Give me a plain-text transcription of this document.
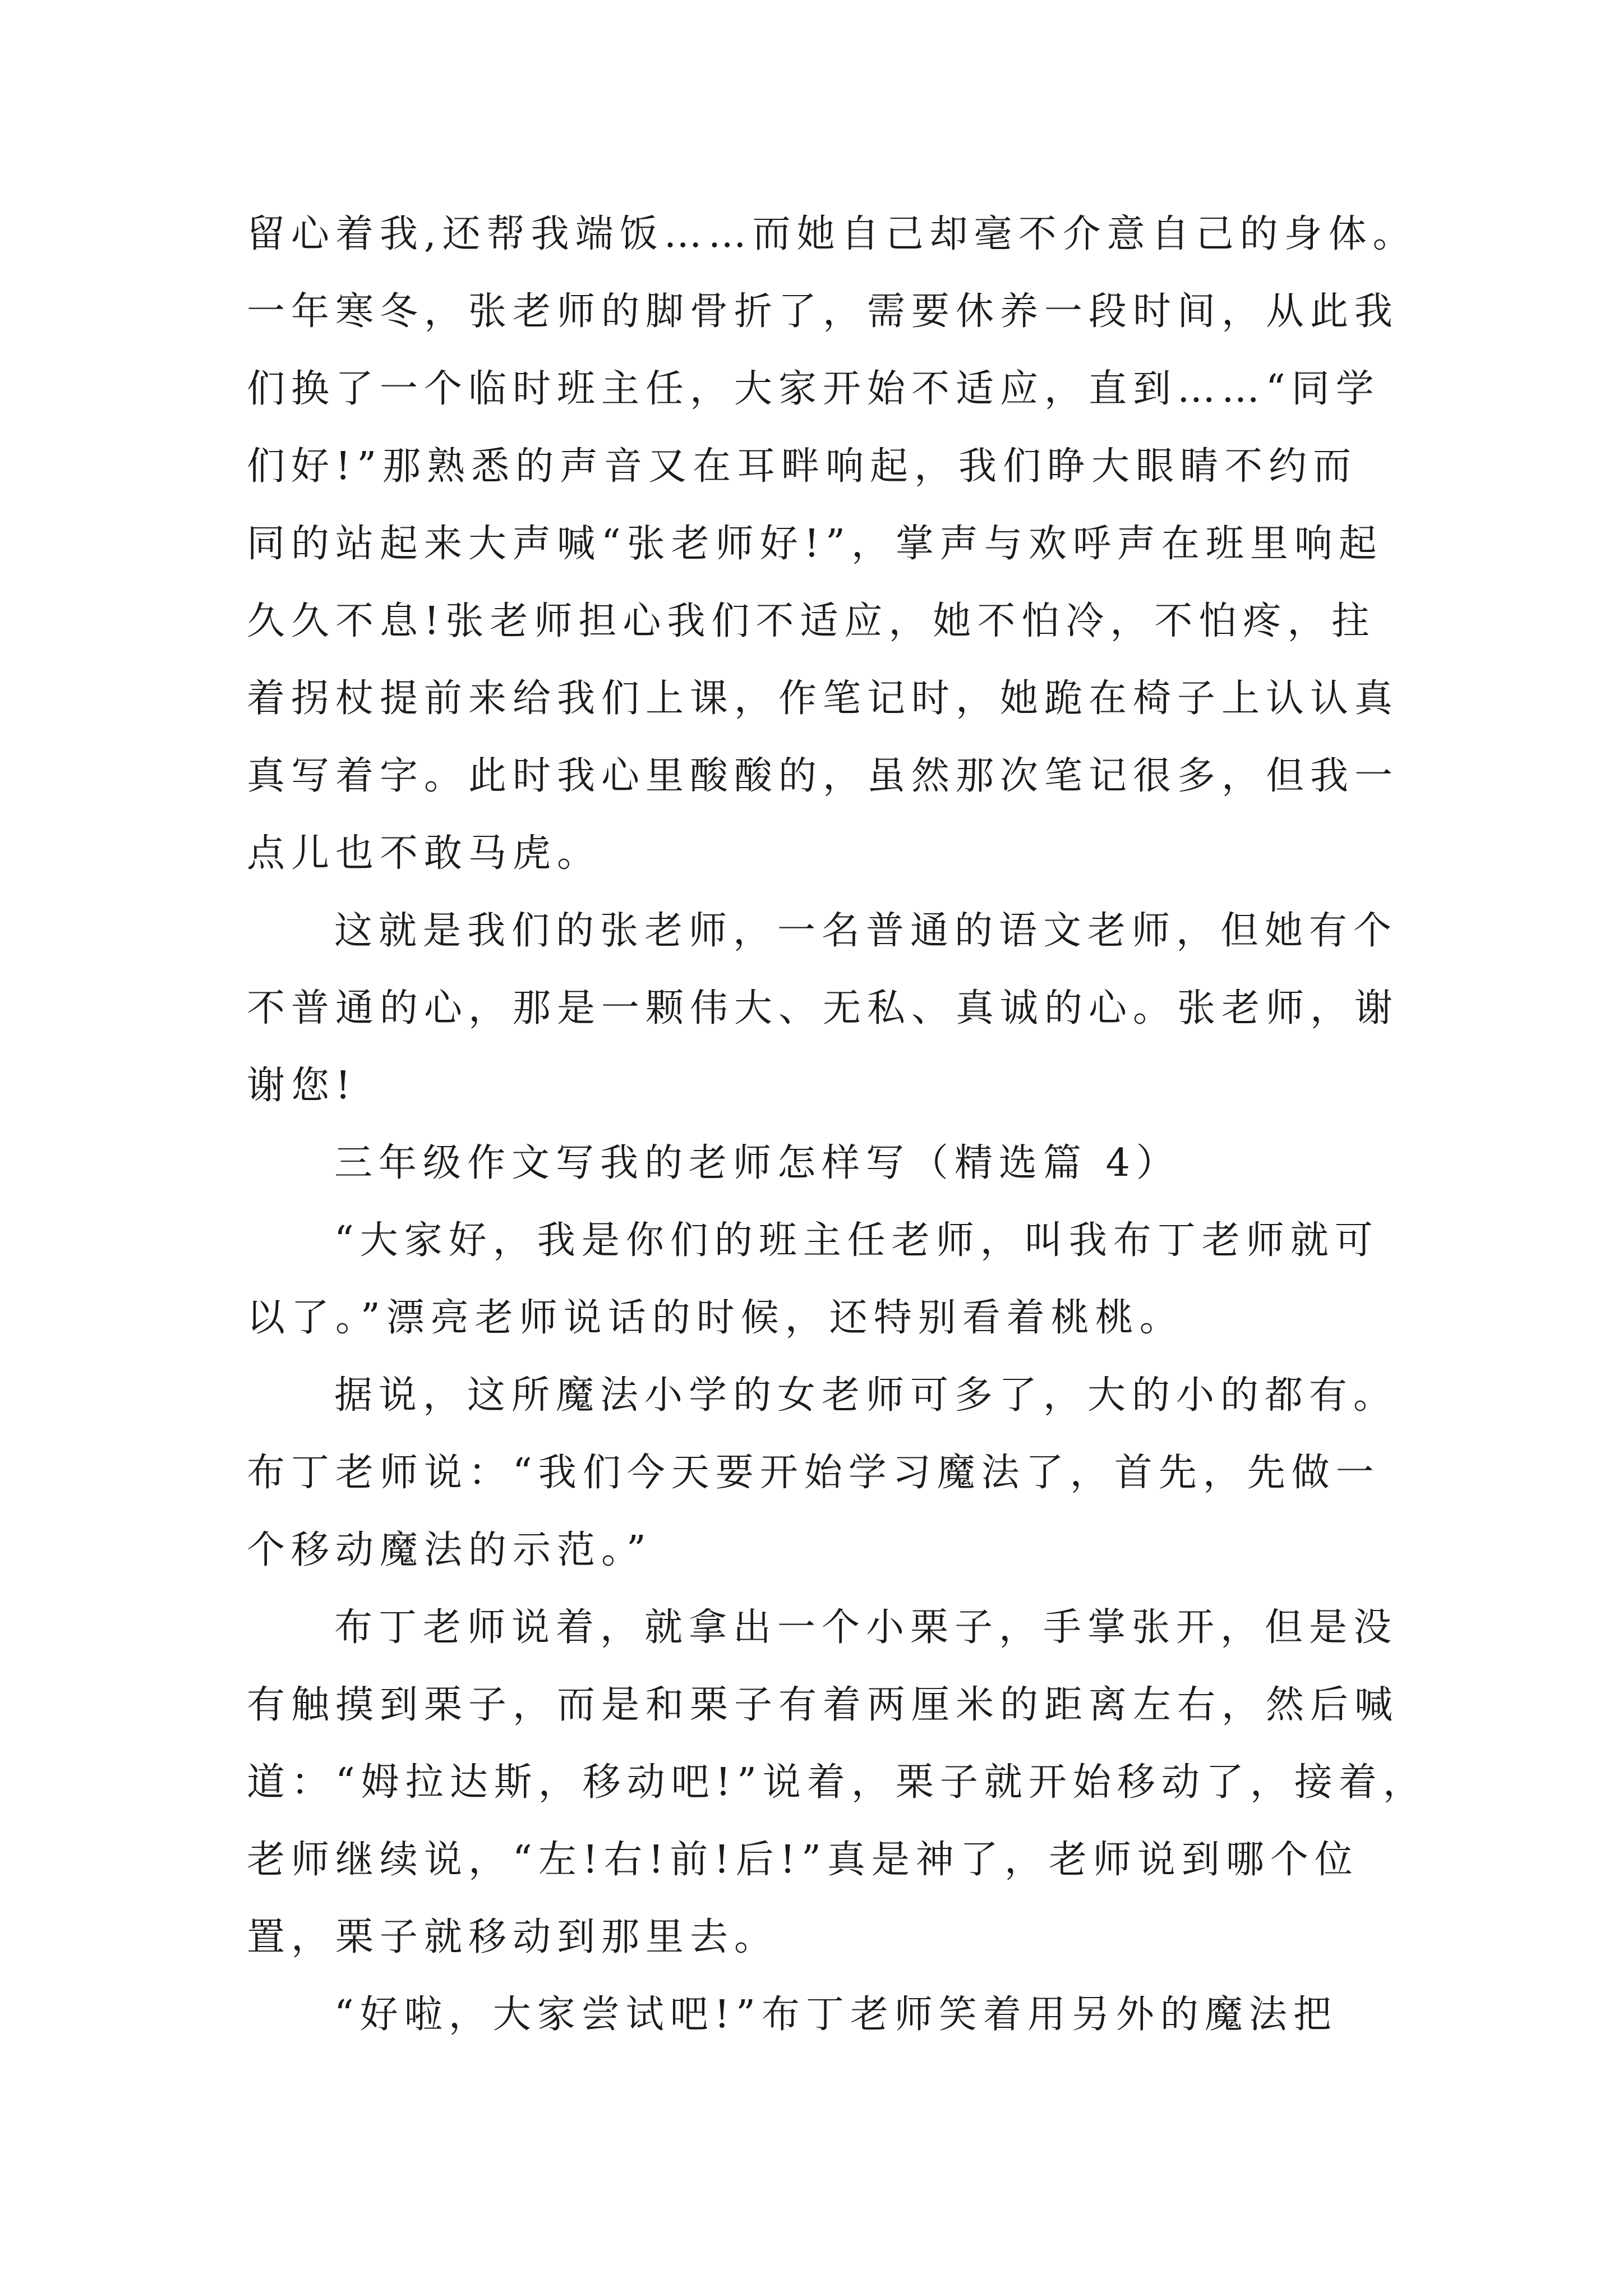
留心着我,还帮我端饭……而她自己却毫不介意自己的身体。

一年寒冬，张老师的脚骨折了，需要休养一段时间，从此我

们换了一个临时班主任，大家开始不适应，直到……“同学

们好!”那熟悉的声音又在耳畔响起，我们睁大眼睛不约而

同的站起来大声喊“张老师好!”，掌声与欢呼声在班里响起

久久不息!张老师担心我们不适应，她不怕冷，不怕疼，拄

着拐杖提前来给我们上课，作笔记时，她跪在椅子上认认真

真写着字。此时我心里酸酸的，虽然那次笔记很多，但我一

点儿也不敢马虎。

这就是我们的张老师，一名普通的语文老师，但她有个

不普通的心，那是一颗伟大、无私、真诚的心。张老师，谢

谢您!

三年级作文写我的老师怎样写（精选篇 4）

“大家好，我是你们的班主任老师，叫我布丁老师就可

以了。”漂亮老师说话的时候，还特别看着桃桃。

据说，这所魔法小学的女老师可多了，大的小的都有。

布丁老师说：“我们今天要开始学习魔法了，首先，先做一

个移动魔法的示范。”

布丁老师说着，就拿出一个小栗子，手掌张开，但是没

有触摸到栗子，而是和栗子有着两厘米的距离左右，然后喊

道：“姆拉达斯，移动吧!”说着，栗子就开始移动了，接着，

老师继续说，“左!右!前!后!”真是神了，老师说到哪个位

置，栗子就移动到那里去。

“好啦，大家尝试吧!”布丁老师笑着用另外的魔法把
